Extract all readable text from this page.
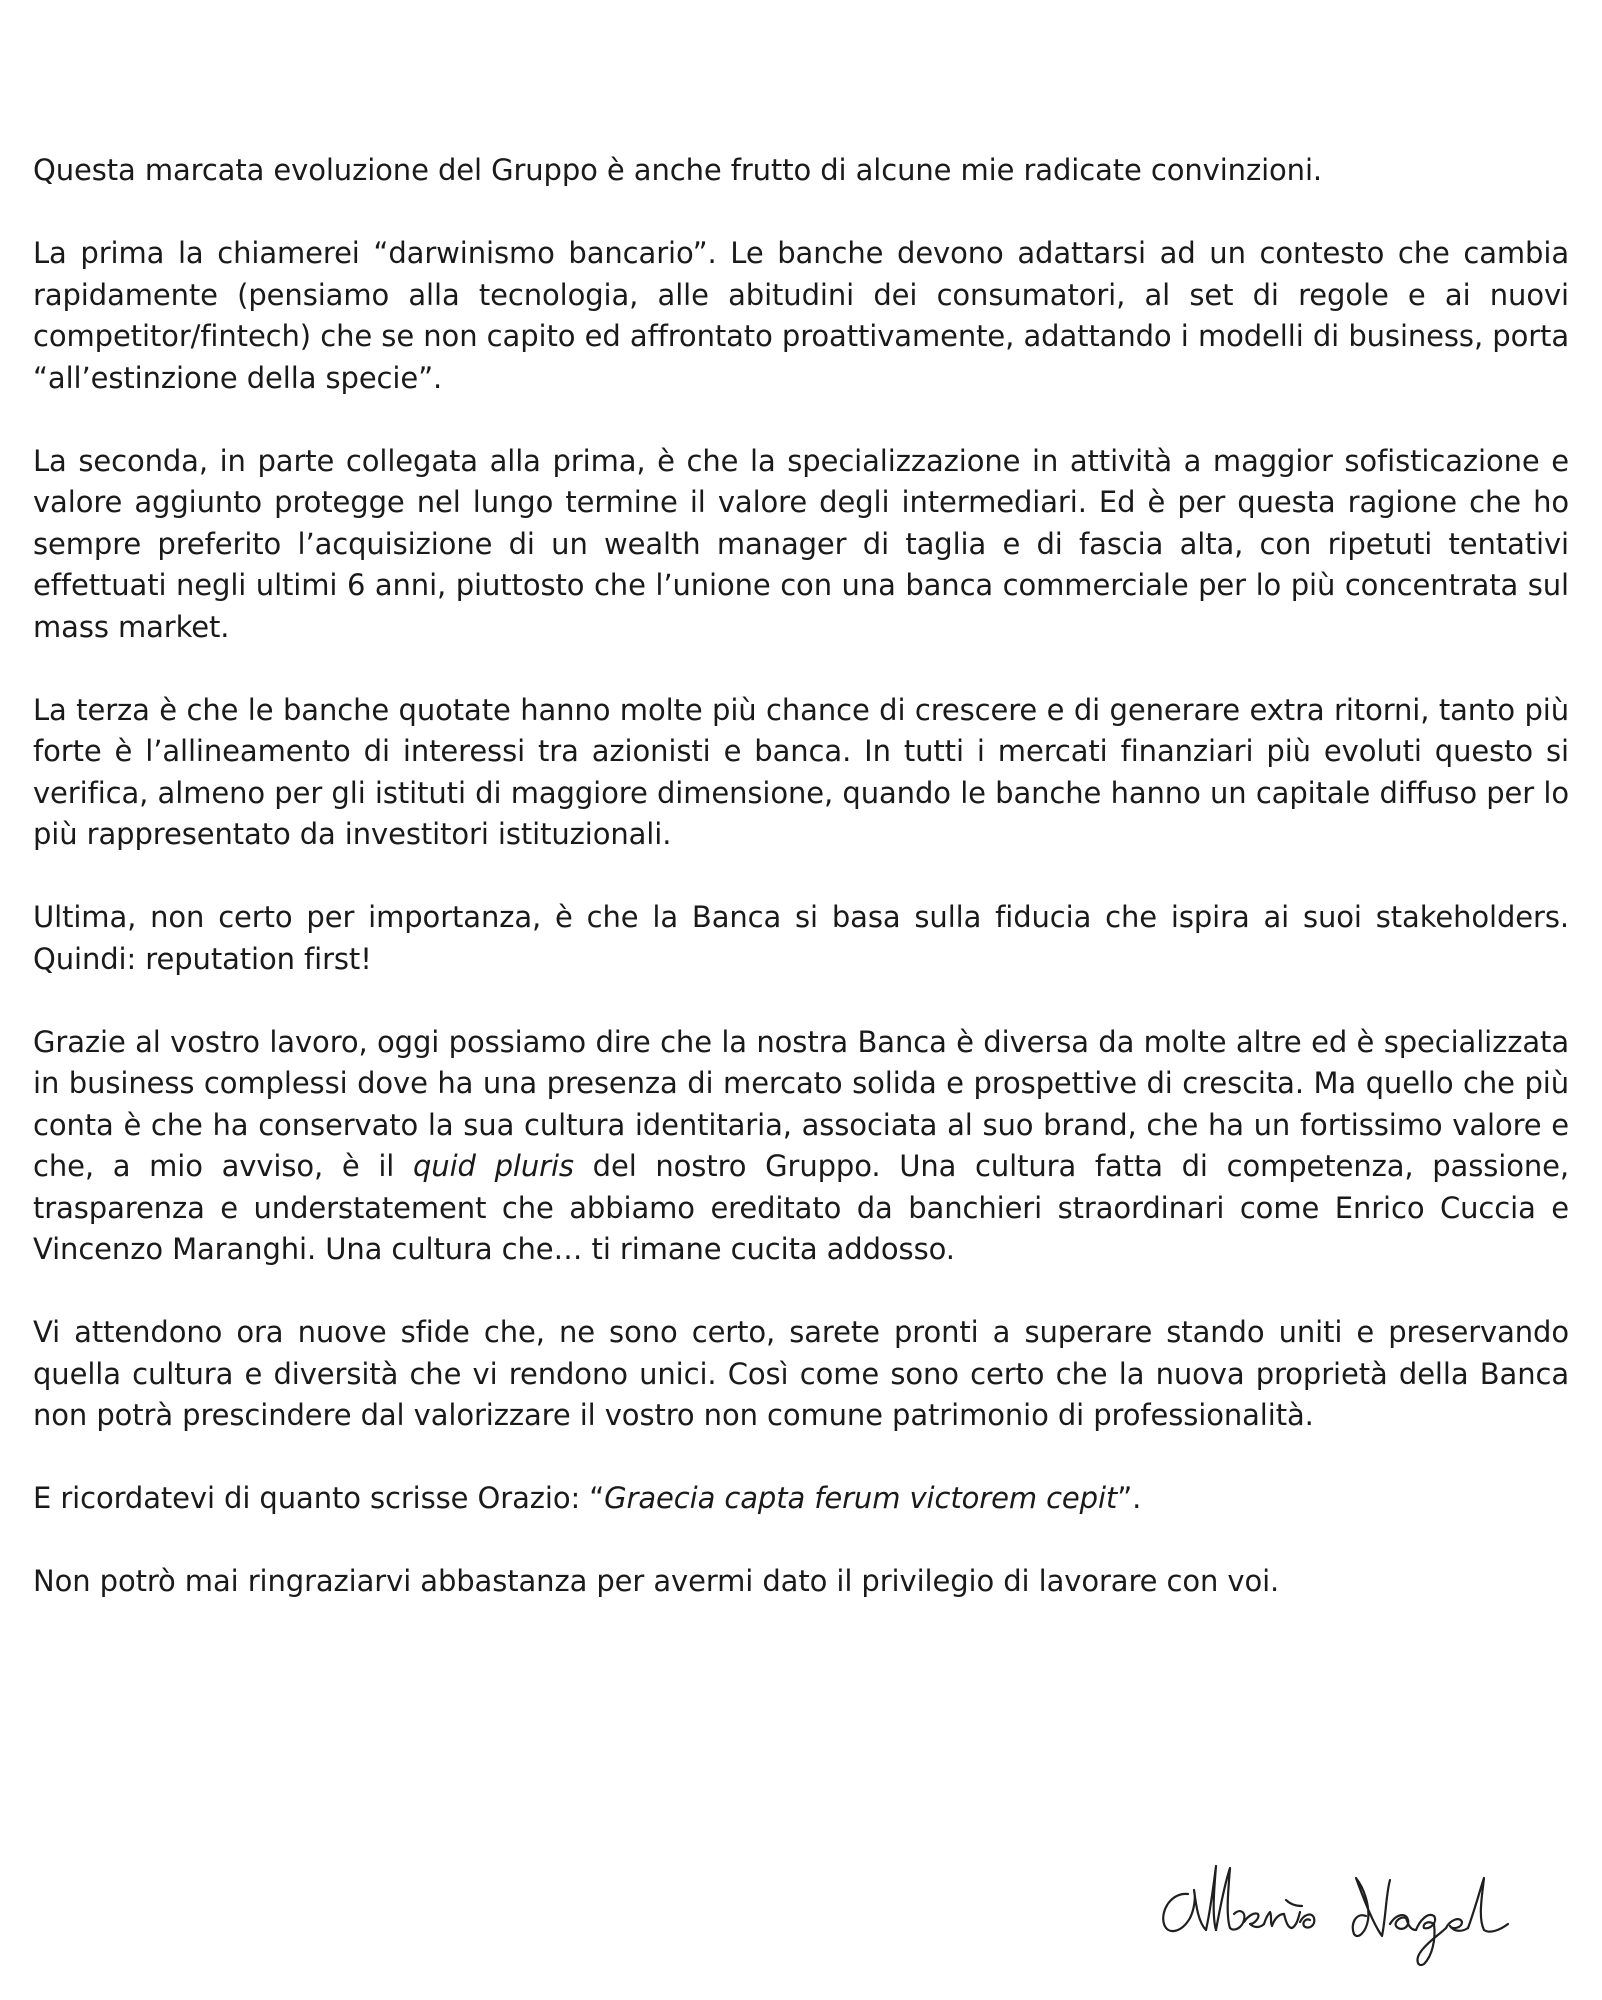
Questa marcata evoluzione del Gruppo è anche frutto di alcune mie radicate convinzioni.

La prima la chiamerei “darwinismo bancario”. Le banche devono adattarsi ad un contesto che cambia rapidamente (pensiamo alla tecnologia, alle abitudini dei consumatori, al set di regole e ai nuovi competitor/fintech) che se non capito ed affrontato proattivamente, adattando i modelli di business, porta “all’estinzione della specie”.

La seconda, in parte collegata alla prima, è che la specializzazione in attività a maggior sofisticazione e valore aggiunto protegge nel lungo termine il valore degli intermediari. Ed è per questa ragione che ho sempre preferito l’acquisizione di un wealth manager di taglia e di fascia alta, con ripetuti tentativi effettuati negli ultimi 6 anni, piuttosto che l’unione con una banca commerciale per lo più concentrata sul mass market.

La terza è che le banche quotate hanno molte più chance di crescere e di generare extra ritorni, tanto più forte è l’allineamento di interessi tra azionisti e banca. In tutti i mercati finanziari più evoluti questo si verifica, almeno per gli istituti di maggiore dimensione, quando le banche hanno un capitale diffuso per lo più rappresentato da investitori istituzionali.

Ultima, non certo per importanza, è che la Banca si basa sulla fiducia che ispira ai suoi stakeholders. Quindi: reputation first!

Grazie al vostro lavoro, oggi possiamo dire che la nostra Banca è diversa da molte altre ed è specializzata in business complessi dove ha una presenza di mercato solida e prospettive di crescita. Ma quello che più conta è che ha conservato la sua cultura identitaria, associata al suo brand, che ha un fortissimo valore e che, a mio avviso, è il quid pluris del nostro Gruppo. Una cultura fatta di competenza, passione, trasparenza e understatement che abbiamo ereditato da banchieri straordinari come Enrico Cuccia e Vincenzo Maranghi. Una cultura che… ti rimane cucita addosso.

Vi attendono ora nuove sfide che, ne sono certo, sarete pronti a superare stando uniti e preservando quella cultura e diversità che vi rendono unici. Così come sono certo che la nuova proprietà della Banca non potrà prescindere dal valorizzare il vostro non comune patrimonio di professionalità.

E ricordatevi di quanto scrisse Orazio: “Graecia capta ferum victorem cepit”.

Non potrò mai ringraziarvi abbastanza per avermi dato il privilegio di lavorare con voi.
